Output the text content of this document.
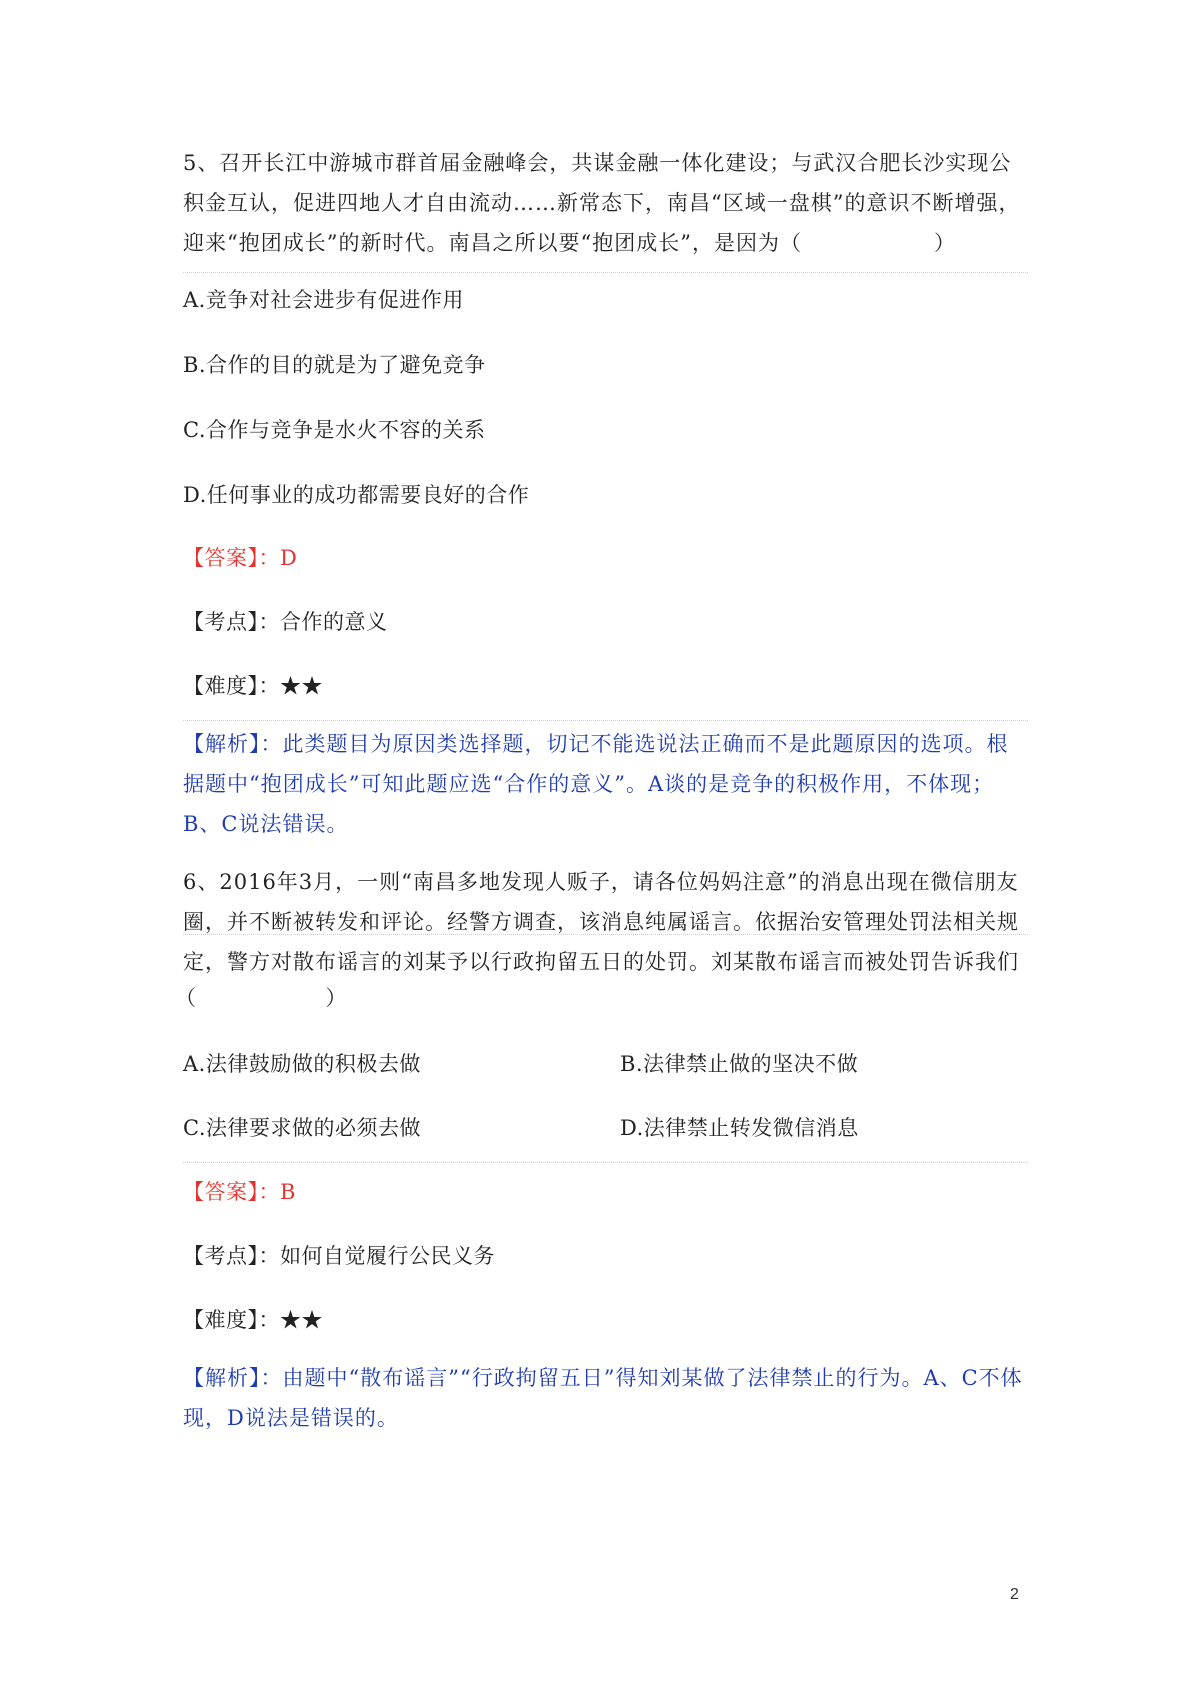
5、召开长江中游城市群首届金融峰会，共谋金融一体化建设；与武汉合肥长沙实现公积金互认，促进四地人才自由流动……新常态下，南昌“区域一盘棋”的意识不断增强，迎来“抱团成长”的新时代。南昌之所以要“抱团成长”，是因为（　　　　　　）
A.竞争对社会进步有促进作用
B.合作的目的就是为了避免竞争
C.合作与竞争是水火不容的关系
D.任何事业的成功都需要良好的合作
【答案】：D
【考点】：合作的意义
【难度】：★★
【解析】：此类题目为原因类选择题，切记不能选说法正确而不是此题原因的选项。根据题中“抱团成长”可知此题应选“合作的意义”。A谈的是竞争的积极作用，不体现；B、C说法错误。
6、2016年3月，一则“南昌多地发现人贩子，请各位妈妈注意”的消息出现在微信朋友圈，并不断被转发和评论。经警方调查，该消息纯属谣言。依据治安管理处罚法相关规定，警方对散布谣言的刘某予以行政拘留五日的处罚。刘某散布谣言而被处罚告诉我们
（　　　　　　）
A.法律鼓励做的积极去做	B.法律禁止做的坚决不做
C.法律要求做的必须去做	D.法律禁止转发微信消息
【答案】：B
【考点】：如何自觉履行公民义务
【难度】：★★
【解析】：由题中“散布谣言”“行政拘留五日”得知刘某做了法律禁止的行为。A、C不体现，D说法是错误的。
2
